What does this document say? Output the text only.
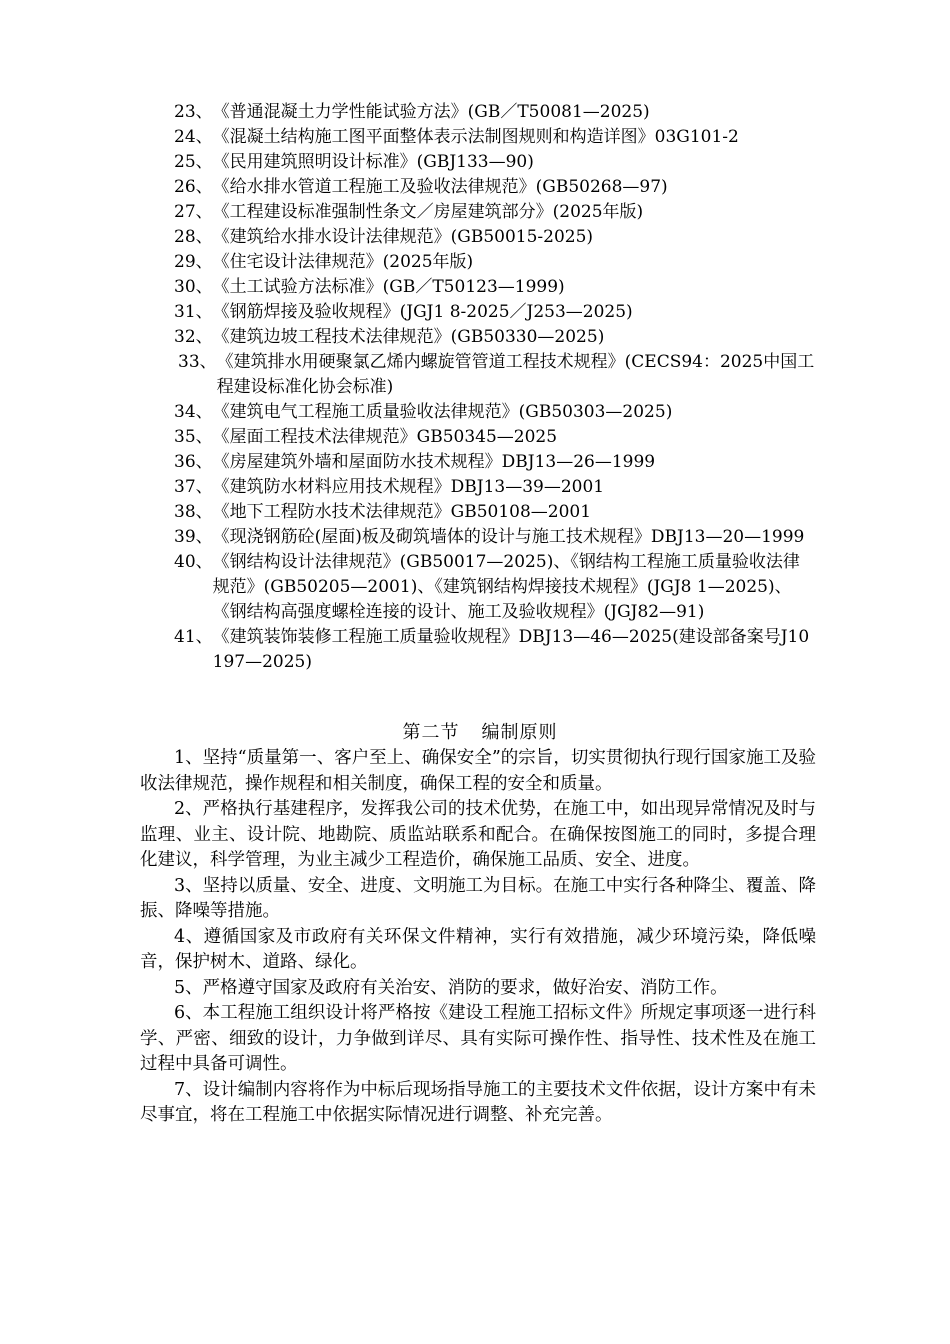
23、 《普通混凝土力学性能试验方法》(GB／T50081—2025)
24、 《混凝土结构施工图平面整体表示法制图规则和构造详图》03G101-2
25、 《民用建筑照明设计标准》(GBJ133—90)
26、 《给水排水管道工程施工及验收法律规范》(GB50268—97)
27、 《工程建设标准强制性条文／房屋建筑部分》(2025年版)
28、 《建筑给水排水设计法律规范》(GB50015-2025)
29、 《住宅设计法律规范》(2025年版)
30、 《土工试验方法标准》(GB／T50123—1999)
31、 《钢筋焊接及验收规程》(JGJ1 8-2025／J253—2025)
32、 《建筑边坡工程技术法律规范》(GB50330—2025)
33、 《建筑排水用硬聚氯乙烯内螺旋管管道工程技术规程》(CECS94：2025中国工程建设标准化协会标准)
34、 《建筑电气工程施工质量验收法律规范》(GB50303—2025)
35、 《屋面工程技术法律规范》GB50345—2025
36、 《房屋建筑外墙和屋面防水技术规程》DBJ13—26—1999
37、 《建筑防水材料应用技术规程》DBJ13—39—2001
38、 《地下工程防水技术法律规范》GB50108—2001
39、 《现浇钢筋砼(屋面)板及砌筑墙体的设计与施工技术规程》DBJ13—20—1999
40、 《钢结构设计法律规范》(GB50017—2025)、《钢结构工程施工质量验收法律规范》(GB50205—2001)、《建筑钢结构焊接技术规程》(JGJ8 1—2025)、《钢结构高强度螺栓连接的设计、施工及验收规程》(JGJ82—91)
41、 《建筑装饰装修工程施工质量验收规程》DBJ13—46—2025(建设部备案号J10197—2025)
第二节 编制原则

1、坚持“质量第一、客户至上、确保安全”的宗旨，切实贯彻执行现行国家施工及验收法律规范，操作规程和相关制度，确保工程的安全和质量。

2、严格执行基建程序，发挥我公司的技术优势，在施工中，如出现异常情况及时与监理、业主、设计院、地勘院、质监站联系和配合。在确保按图施工的同时，多提合理化建议，科学管理，为业主减少工程造价，确保施工品质、安全、进度。

3、坚持以质量、安全、进度、文明施工为目标。在施工中实行各种降尘、覆盖、降振、降噪等措施。

4、遵循国家及市政府有关环保文件精神，实行有效措施，减少环境污染，降低噪音，保护树木、道路、绿化。

5、严格遵守国家及政府有关治安、消防的要求，做好治安、消防工作。

6、本工程施工组织设计将严格按《建设工程施工招标文件》所规定事项逐一进行科学、严密、细致的设计，力争做到详尽、具有实际可操作性、指导性、技术性及在施工过程中具备可调性。

7、设计编制内容将作为中标后现场指导施工的主要技术文件依据，设计方案中有未尽事宜，将在工程施工中依据实际情况进行调整、补充完善。
